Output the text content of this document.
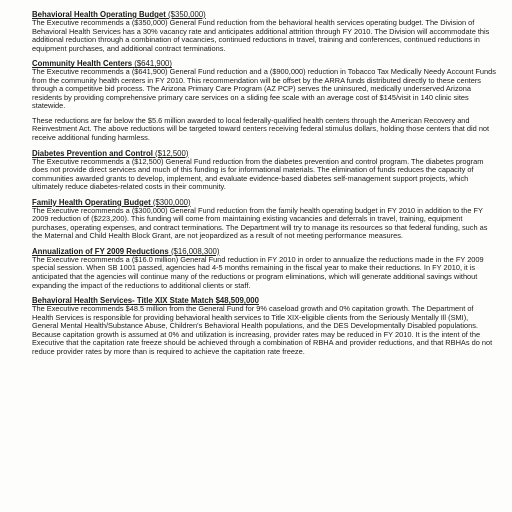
Behavioral Health Operating Budget ($350,000)

The Executive recommends a ($350,000) General Fund reduction from the behavioral health services operating budget. The Division of Behavioral Health Services has a 30% vacancy rate and anticipates additional attrition through FY 2010. The Division will accommodate this additional reduction through a combination of vacancies, continued reductions in travel, training and conferences, continued reductions in equipment purchases, and additional contract terminations.

Community Health Centers ($641,900)

The Executive recommends a ($641,900) General Fund reduction and a ($900,000) reduction in Tobacco Tax Medically Needy Account Funds from the community health centers in FY 2010. This recommendation will be offset by the ARRA funds distributed directly to these centers through a competitive bid process. The Arizona Primary Care Program (AZ PCP) serves the uninsured, medically underserved Arizona residents by providing comprehensive primary care services on a sliding fee scale with an average cost of $145/visit in 140 clinic sites statewide.

These reductions are far below the $5.6 million awarded to local federally-qualified health centers through the American Recovery and Reinvestment Act. The above reductions will be targeted toward centers receiving federal stimulus dollars, holding those centers that did not receive additional funding harmless.

Diabetes Prevention and Control ($12,500)

The Executive recommends a ($12,500) General Fund reduction from the diabetes prevention and control program. The diabetes program does not provide direct services and much of this funding is for informational materials. The elimination of funds reduces the capacity of communities awarded grants to develop, implement, and evaluate evidence-based diabetes self-management support projects, which ultimately reduce diabetes-related costs in their community.

Family Health Operating Budget ($300,000)

The Executive recommends a ($300,000) General Fund reduction from the family health operating budget in FY 2010 in addition to the FY 2009 reduction of ($223,200). This funding will come from maintaining existing vacancies and deferrals in travel, training, equipment purchases, operating expenses, and contract terminations. The Department will try to manage its resources so that federal funding, such as the Maternal and Child Health Block Grant, are not jeopardized as a result of not meeting performance measures.

Annualization of FY 2009 Reductions ($16,008,300)

The Executive recommends a ($16.0 million) General Fund reduction in FY 2010 in order to annualize the reductions made in the FY 2009 special session. When SB 1001 passed, agencies had 4-5 months remaining in the fiscal year to make their reductions. In FY 2010, it is anticipated that the agencies will continue many of the reductions or program eliminations, which will generate additional savings without expanding the impact of the reductions to additional clients or staff.

Behavioral Health Services- Title XIX State Match $48,509,000

The Executive recommends $48.5 million from the General Fund for 9% caseload growth and 0% capitation growth. The Department of Health Services is responsible for providing behavioral health services to Title XIX-eligible clients from the Seriously Mentally Ill (SMI), General Mental Health/Substance Abuse, Children's Behavioral Health populations, and the DES Developmentally Disabled populations. Because capitation growth is assumed at 0% and utilization is increasing, provider rates may be reduced in FY 2010. It is the intent of the Executive that the capitation rate freeze should be achieved through a combination of RBHA and provider reductions, and that RBHAs do not reduce provider rates by more than is required to achieve the capitation rate freeze.
